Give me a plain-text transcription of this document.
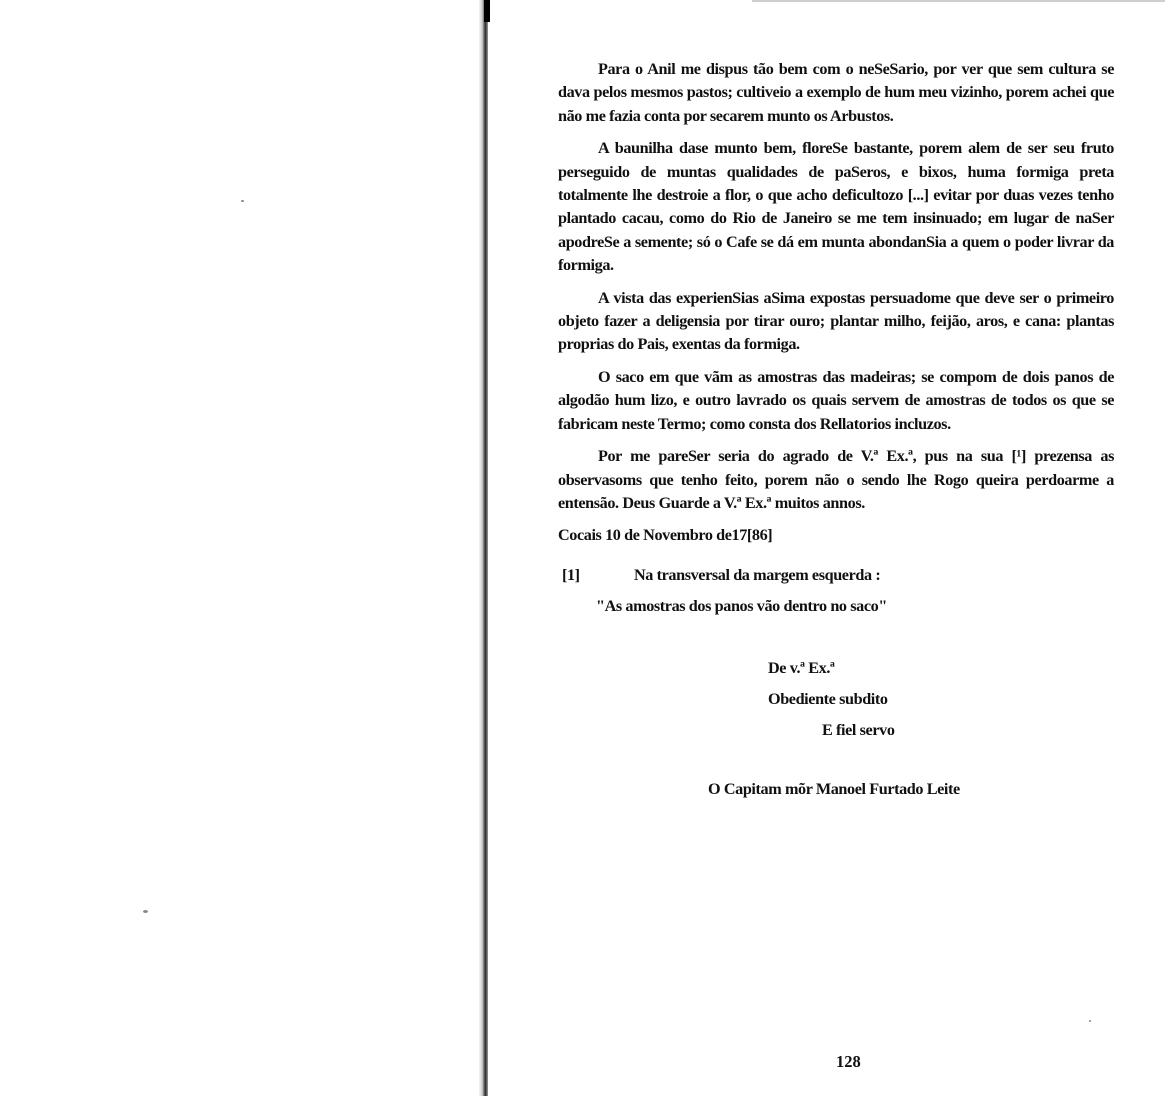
Para o Anil me dispus tão bem com o neSeSario, por ver que sem cultura se dava pelos mesmos pastos; cultiveio a exemplo de hum meu vizinho, porem achei que não me fazia conta por secarem munto os Arbustos.

A baunilha dase munto bem, floreSe bastante, porem alem de ser seu fruto perseguido de muntas qualidades de paSeros, e bixos, huma formiga preta totalmente lhe destroie a flor, o que acho deficultozo [...] evitar por duas vezes tenho plantado cacau, como do Rio de Janeiro se me tem insinuado; em lugar de naSer apodreSe a semente; só o Cafe se dá em munta abondanSia a quem o poder livrar da formiga.

A vista das experienSias aSima expostas persuadome que deve ser o primeiro objeto fazer a deligensia por tirar ouro; plantar milho, feijão, aros, e cana: plantas proprias do Pais, exentas da formiga.

O saco em que vãm as amostras das madeiras; se compom de dois panos de algodão hum lizo, e outro lavrado os quais servem de amostras de todos os que se fabricam neste Termo; como consta dos Rellatorios incluzos.

Por me pareSer seria do agrado de V.ª Ex.ª, pus na sua [¹] prezensa as observasoms que tenho feito, porem não o sendo lhe Rogo queira perdoarme a entensão. Deus Guarde a V.ª Ex.ª muitos annos.

Cocais 10 de Novembro de17[86]

[1]	Na transversal da margem esquerda :
"As amostras dos panos vão dentro no saco"
De v.ª Ex.ª
Obediente subdito
E fiel servo
O Capitam mõr Manoel Furtado Leite
128
